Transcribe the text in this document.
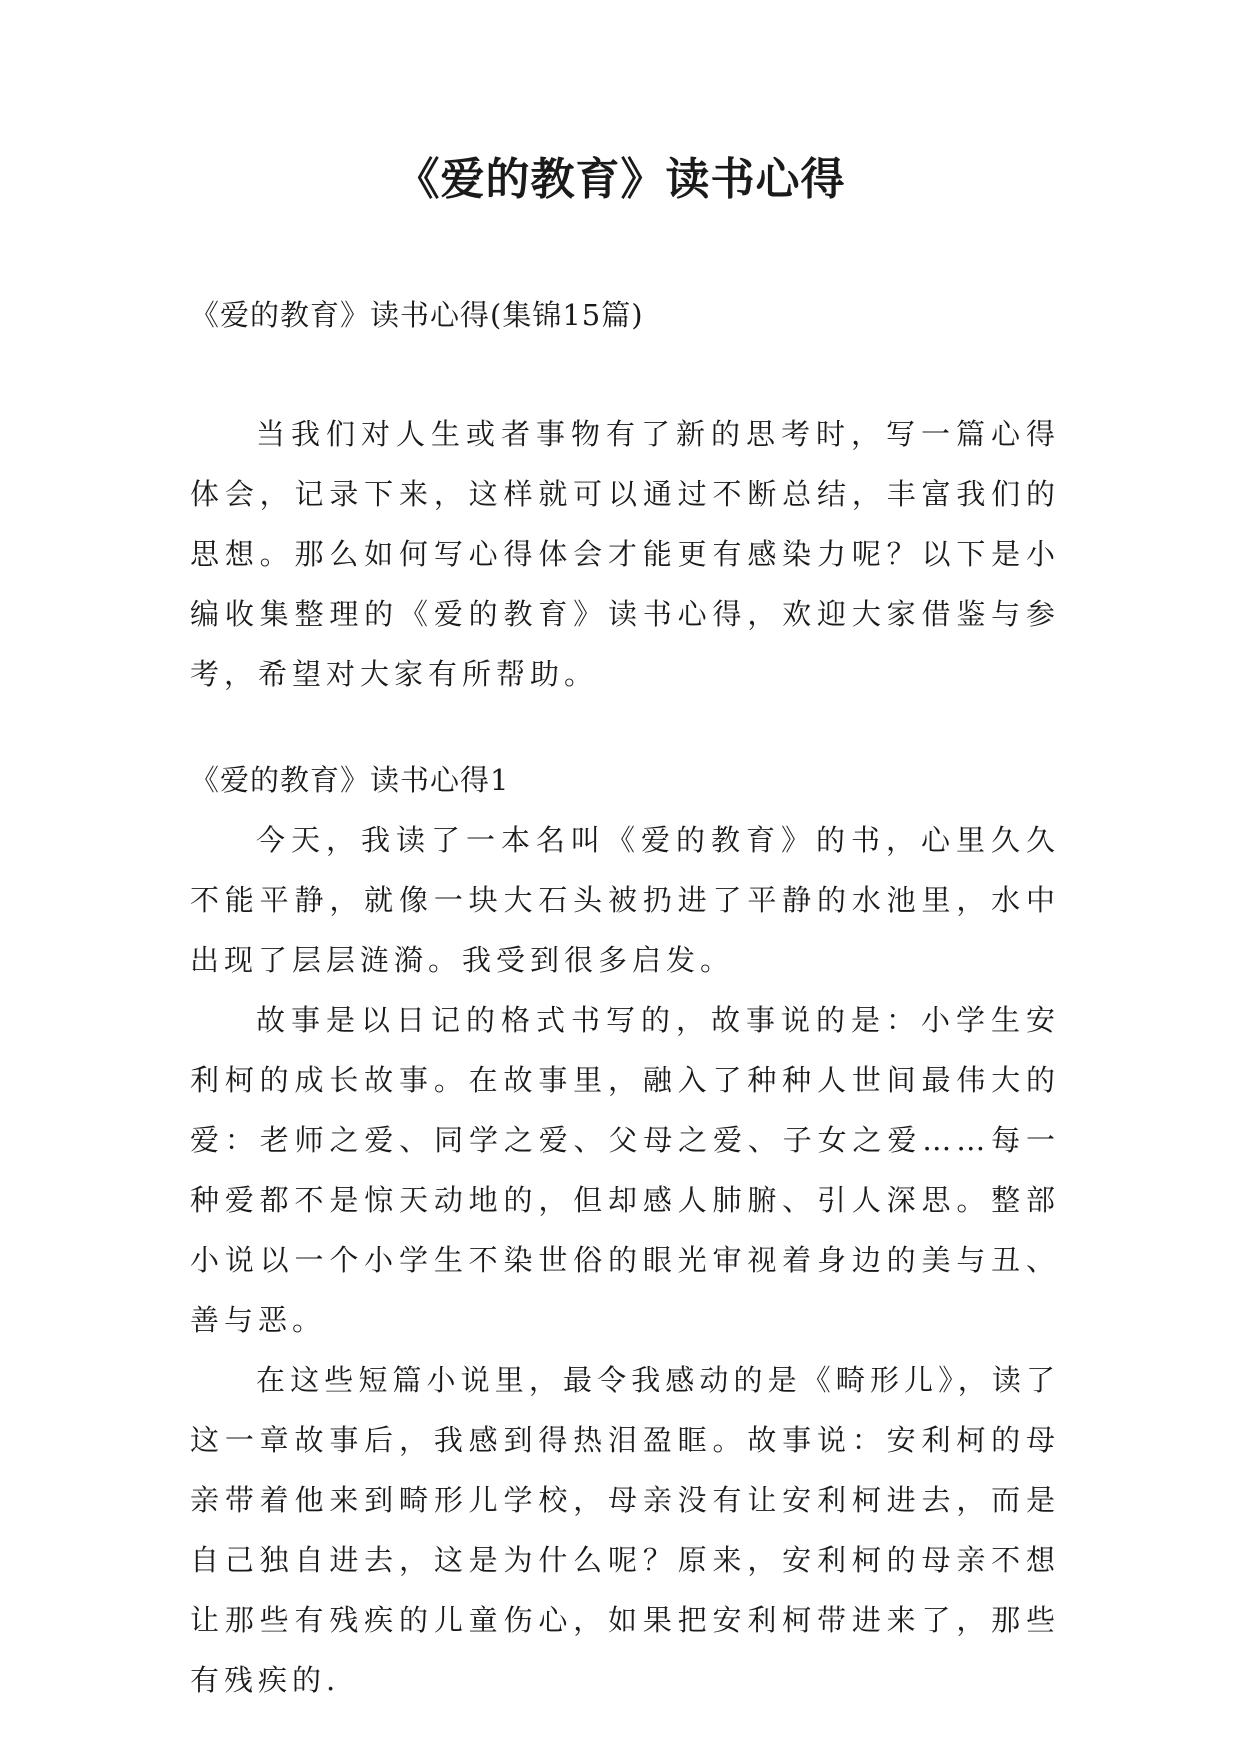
《爱的教育》读书心得

《爱的教育》读书心得(集锦15篇)

当我们对人生或者事物有了新的思考时，写一篇心得体会，记录下来，这样就可以通过不断总结，丰富我们的思想。那么如何写心得体会才能更有感染力呢？以下是小编收集整理的《爱的教育》读书心得，欢迎大家借鉴与参考，希望对大家有所帮助。

《爱的教育》读书心得1

今天，我读了一本名叫《爱的教育》的书，心里久久不能平静，就像一块大石头被扔进了平静的水池里，水中出现了层层涟漪。我受到很多启发。

故事是以日记的格式书写的，故事说的是：小学生安利柯的成长故事。在故事里，融入了种种人世间最伟大的爱：老师之爱、同学之爱、父母之爱、子女之爱……每一种爱都不是惊天动地的，但却感人肺腑、引人深思。整部小说以一个小学生不染世俗的眼光审视着身边的美与丑、善与恶。

在这些短篇小说里，最令我感动的是《畸形儿》，读了这一章故事后，我感到得热泪盈眶。故事说：安利柯的母亲带着他来到畸形儿学校，母亲没有让安利柯进去，而是自己独自进去，这是为什么呢？原来，安利柯的母亲不想让那些有残疾的儿童伤心，如果把安利柯带进来了，那些有残疾的.
